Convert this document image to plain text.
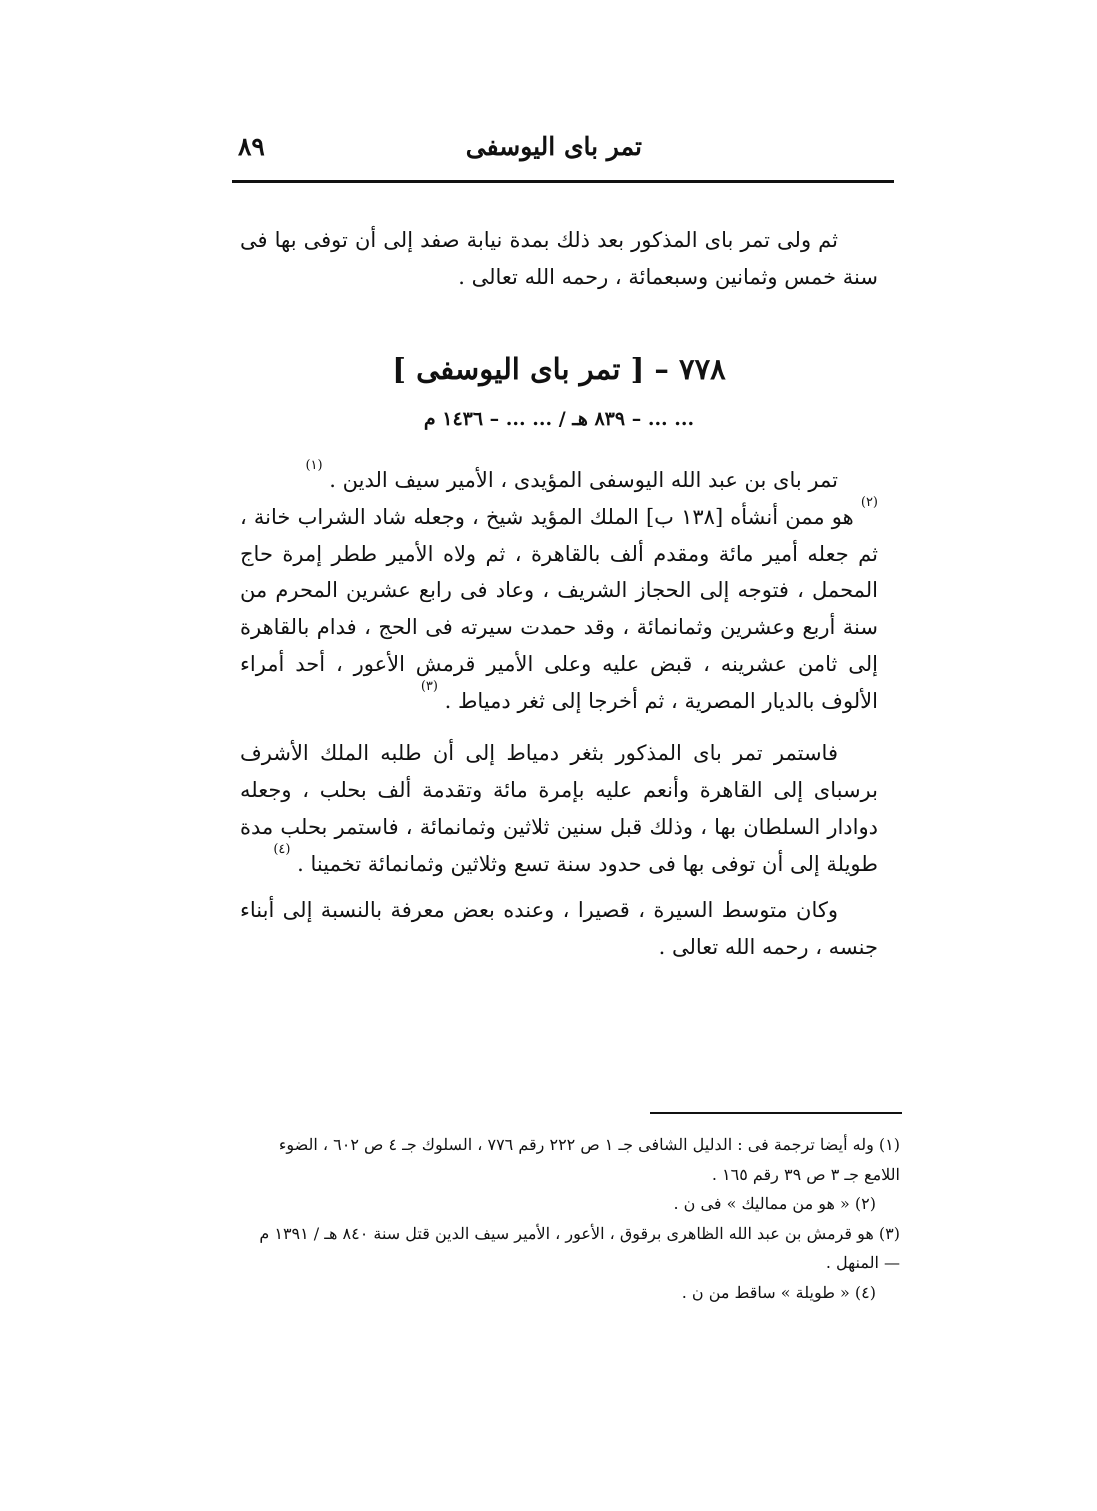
تمر باى اليوسفى
٨٩

ثم ولى تمر باى المذكور بعد ذلك بمدة نيابة صفد إلى أن توفى بها فى سنة خمس وثمانين وسبعمائة ، رحمه الله تعالى .

٧٧٨ – [ تمر باى اليوسفى ]
... ... – ٨٣٩ هـ / ... ... – ١٤٣٦ م

تمر باى بن عبد الله اليوسفى المؤيدى ، الأمير سيف الدين . $^{(١)}$

$^{(٢)}$ هو ممن أنشأه [١٣٨ ب] الملك المؤيد شيخ ، وجعله شاد الشراب خانة ، ثم جعله أمير مائة ومقدم ألف بالقاهرة ، ثم ولاه الأمير ططر إمرة حاج المحمل ، فتوجه إلى الحجاز الشريف ، وعاد فى رابع عشرين المحرم من سنة أربع وعشرين وثمانمائة ، وقد حمدت سيرته فى الحج ، فدام بالقاهرة إلى ثامن عشرينه ، قبض عليه وعلى الأمير قرمش الأعور ، أحد أمراء الألوف بالديار المصرية ، ثم أخرجا إلى ثغر دمياط . $^{(٣)}$

فاستمر تمر باى المذكور بثغر دمياط إلى أن طلبه الملك الأشرف برسباى إلى القاهرة وأنعم عليه بإمرة مائة وتقدمة ألف بحلب ، وجعله دوادار السلطان بها ، وذلك قبل سنين ثلاثين وثمانمائة ، فاستمر بحلب مدة طويلة إلى أن توفى بها فى حدود سنة تسع وثلاثين وثمانمائة تخمينا . $^{(٤)}$

وكان متوسط السيرة ، قصيرا ، وعنده بعض معرفة بالنسبة إلى أبناء جنسه ، رحمه الله تعالى .

(١) وله أيضا ترجمة فى : الدليل الشافى جـ ١ ص ٢٢٢ رقم ٧٧٦ ، السلوك جـ ٤ ص ٦٠٢ ، الضوء اللامع جـ ٣ ص ٣٩ رقم ١٦٥ .

(٢) « هو من مماليك » فى ن .

(٣) هو قرمش بن عبد الله الظاهرى برقوق ، الأعور ، الأمير سيف الدين قتل سنة ٨٤٠ هـ / ١٣٩١ م — المنهل .

(٤) « طويلة » ساقط من ن .
